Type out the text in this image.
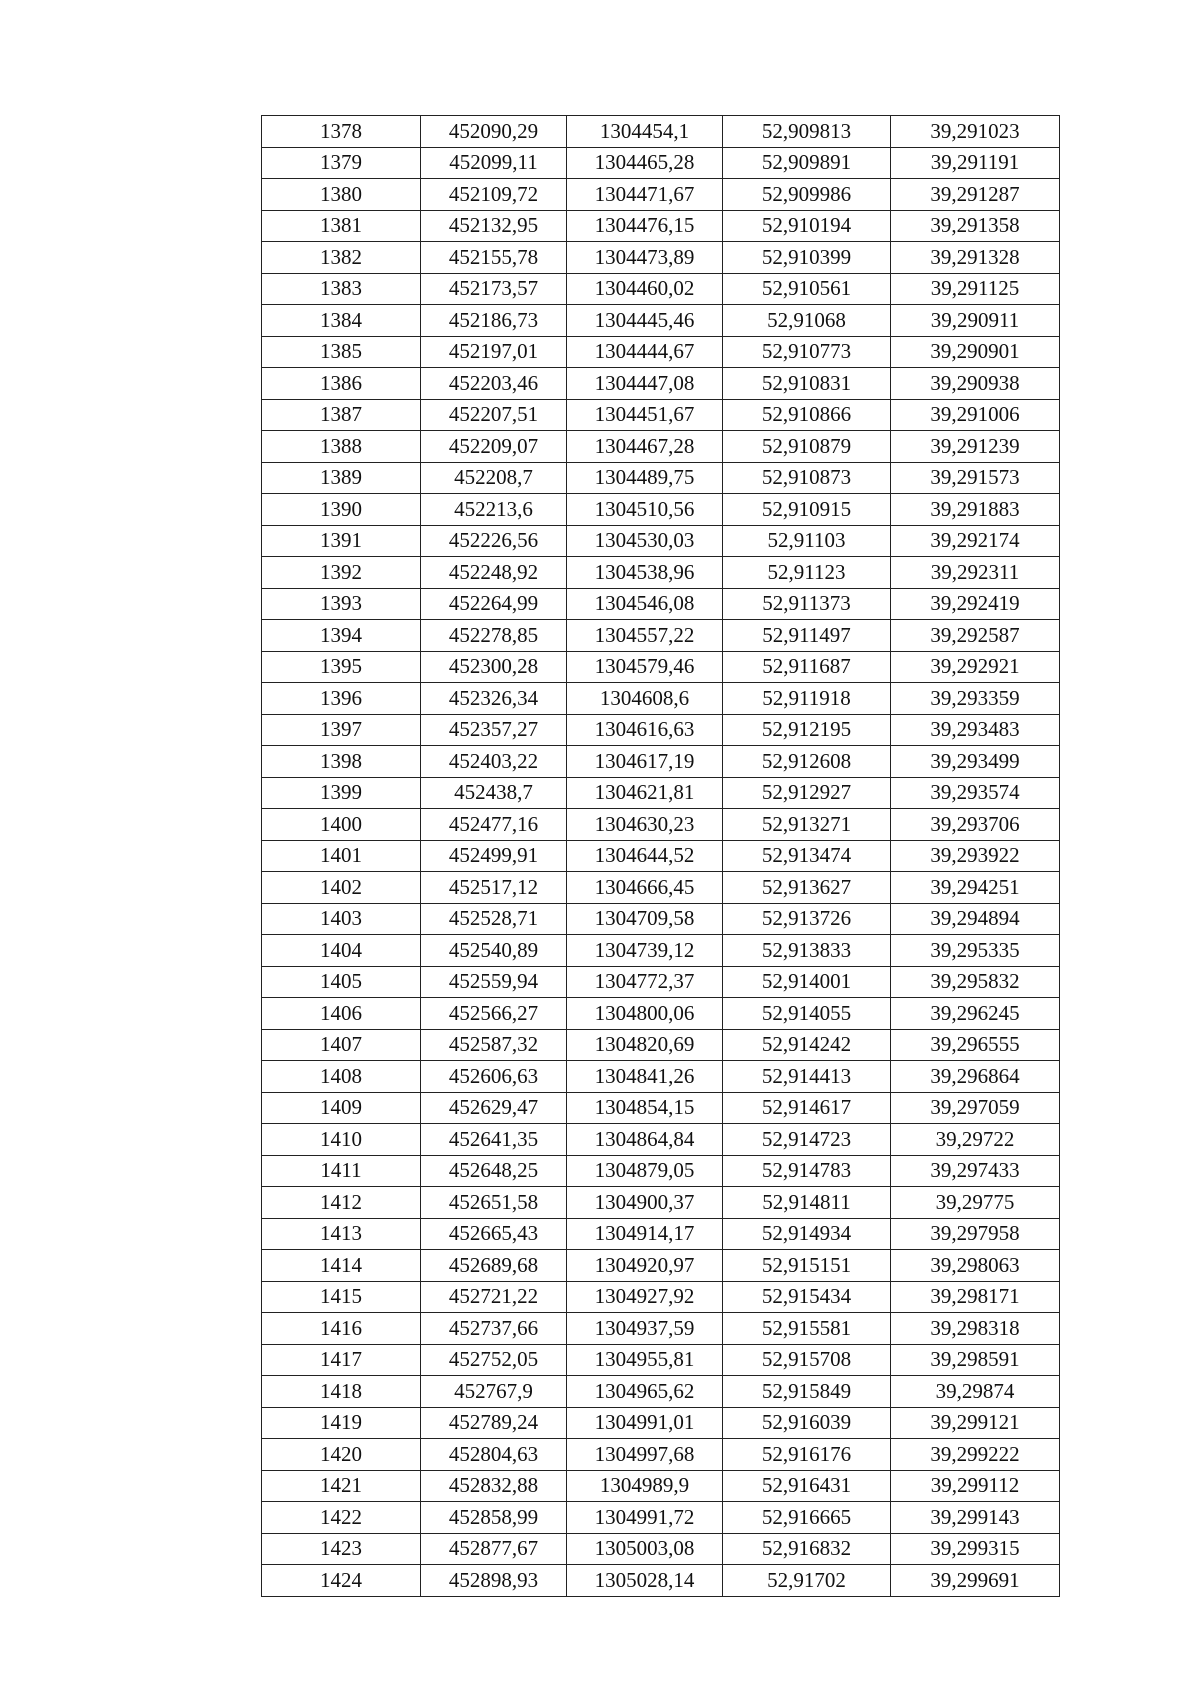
1378	452090,29	1304454,1	52,909813	39,291023
1379	452099,11	1304465,28	52,909891	39,291191
1380	452109,72	1304471,67	52,909986	39,291287
1381	452132,95	1304476,15	52,910194	39,291358
1382	452155,78	1304473,89	52,910399	39,291328
1383	452173,57	1304460,02	52,910561	39,291125
1384	452186,73	1304445,46	52,91068	39,290911
1385	452197,01	1304444,67	52,910773	39,290901
1386	452203,46	1304447,08	52,910831	39,290938
1387	452207,51	1304451,67	52,910866	39,291006
1388	452209,07	1304467,28	52,910879	39,291239
1389	452208,7	1304489,75	52,910873	39,291573
1390	452213,6	1304510,56	52,910915	39,291883
1391	452226,56	1304530,03	52,91103	39,292174
1392	452248,92	1304538,96	52,91123	39,292311
1393	452264,99	1304546,08	52,911373	39,292419
1394	452278,85	1304557,22	52,911497	39,292587
1395	452300,28	1304579,46	52,911687	39,292921
1396	452326,34	1304608,6	52,911918	39,293359
1397	452357,27	1304616,63	52,912195	39,293483
1398	452403,22	1304617,19	52,912608	39,293499
1399	452438,7	1304621,81	52,912927	39,293574
1400	452477,16	1304630,23	52,913271	39,293706
1401	452499,91	1304644,52	52,913474	39,293922
1402	452517,12	1304666,45	52,913627	39,294251
1403	452528,71	1304709,58	52,913726	39,294894
1404	452540,89	1304739,12	52,913833	39,295335
1405	452559,94	1304772,37	52,914001	39,295832
1406	452566,27	1304800,06	52,914055	39,296245
1407	452587,32	1304820,69	52,914242	39,296555
1408	452606,63	1304841,26	52,914413	39,296864
1409	452629,47	1304854,15	52,914617	39,297059
1410	452641,35	1304864,84	52,914723	39,29722
1411	452648,25	1304879,05	52,914783	39,297433
1412	452651,58	1304900,37	52,914811	39,29775
1413	452665,43	1304914,17	52,914934	39,297958
1414	452689,68	1304920,97	52,915151	39,298063
1415	452721,22	1304927,92	52,915434	39,298171
1416	452737,66	1304937,59	52,915581	39,298318
1417	452752,05	1304955,81	52,915708	39,298591
1418	452767,9	1304965,62	52,915849	39,29874
1419	452789,24	1304991,01	52,916039	39,299121
1420	452804,63	1304997,68	52,916176	39,299222
1421	452832,88	1304989,9	52,916431	39,299112
1422	452858,99	1304991,72	52,916665	39,299143
1423	452877,67	1305003,08	52,916832	39,299315
1424	452898,93	1305028,14	52,91702	39,299691
